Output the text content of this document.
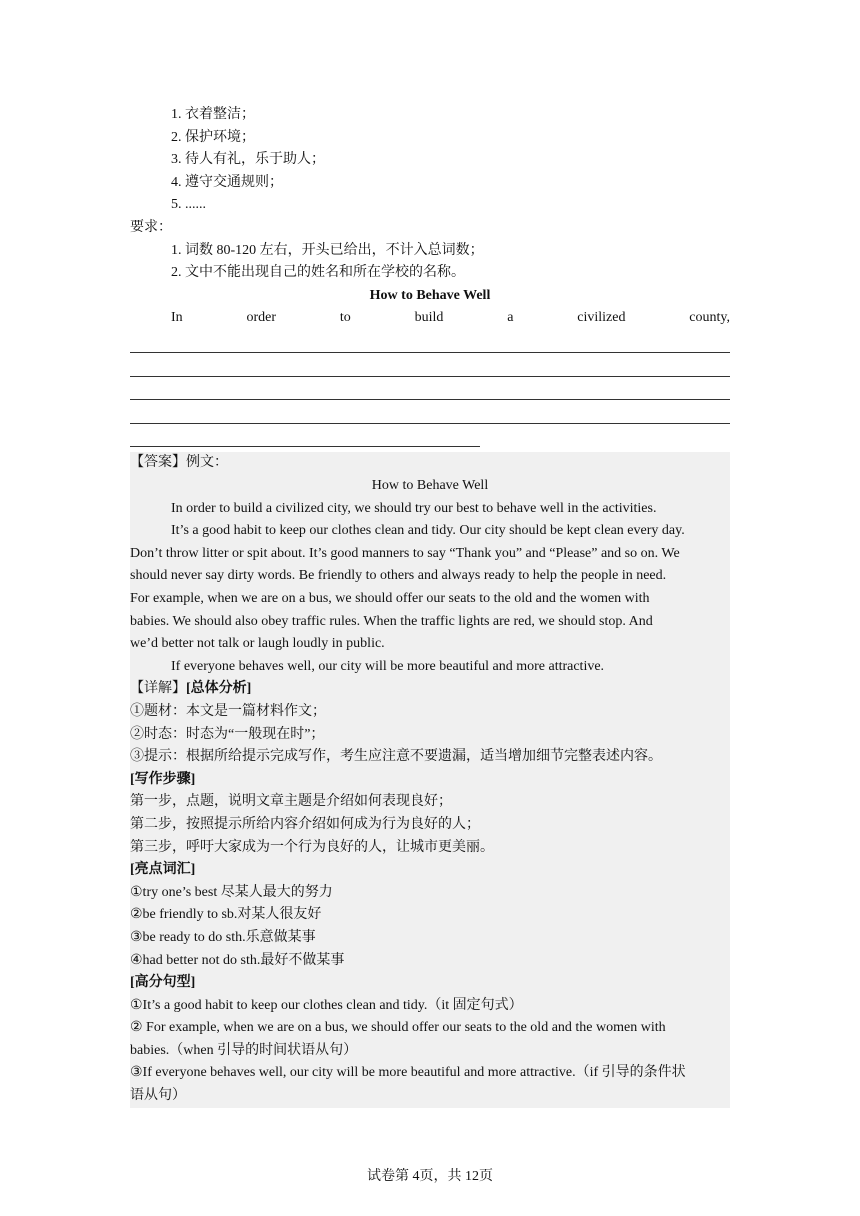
1. 衣着整洁；
2. 保护环境；
3. 待人有礼，乐于助人；
4. 遵守交通规则；
5. ......
要求：
1. 词数 80-120 左右，开头已给出，不计入总词数；
2. 文中不能出现自己的姓名和所在学校的名称。
How to Behave Well
In	order	to	build	a	civilized	county,
【答案】例文：
How to Behave Well
In order to build a civilized city, we should try our best to behave well in the activities.
It’s a good habit to keep our clothes clean and tidy. Our city should be kept clean every day.
Don’t throw litter or spit about. It’s good manners to say “Thank you” and “Please” and so on. We
should never say dirty words. Be friendly to others and always ready to help the people in need.
For example, when we are on a bus, we should offer our seats to the old and the women with
babies. We should also obey traffic rules. When the traffic lights are red, we should stop. And
we’d better not talk or laugh loudly in public.
If everyone behaves well, our city will be more beautiful and more attractive.
【详解】[总体分析]
①题材：本文是一篇材料作文；
②时态：时态为“一般现在时”；
③提示：根据所给提示完成写作，考生应注意不要遗漏，适当增加细节完整表述内容。
[写作步骤]
第一步，点题，说明文章主题是介绍如何表现良好；
第二步，按照提示所给内容介绍如何成为行为良好的人；
第三步，呼吁大家成为一个行为良好的人，让城市更美丽。
[亮点词汇]
①try one’s best 尽某人最大的努力
②be friendly to sb.对某人很友好
③be ready to do sth.乐意做某事
④had better not do sth.最好不做某事
[高分句型]
①It’s a good habit to keep our clothes clean and tidy.（it 固定句式）
② For example, when we are on a bus, we should offer our seats to the old and the women with
babies.（when 引导的时间状语从句）
③If everyone behaves well, our city will be more beautiful and more attractive.（if 引导的条件状
语从句）
试卷第 4页，共 12页
